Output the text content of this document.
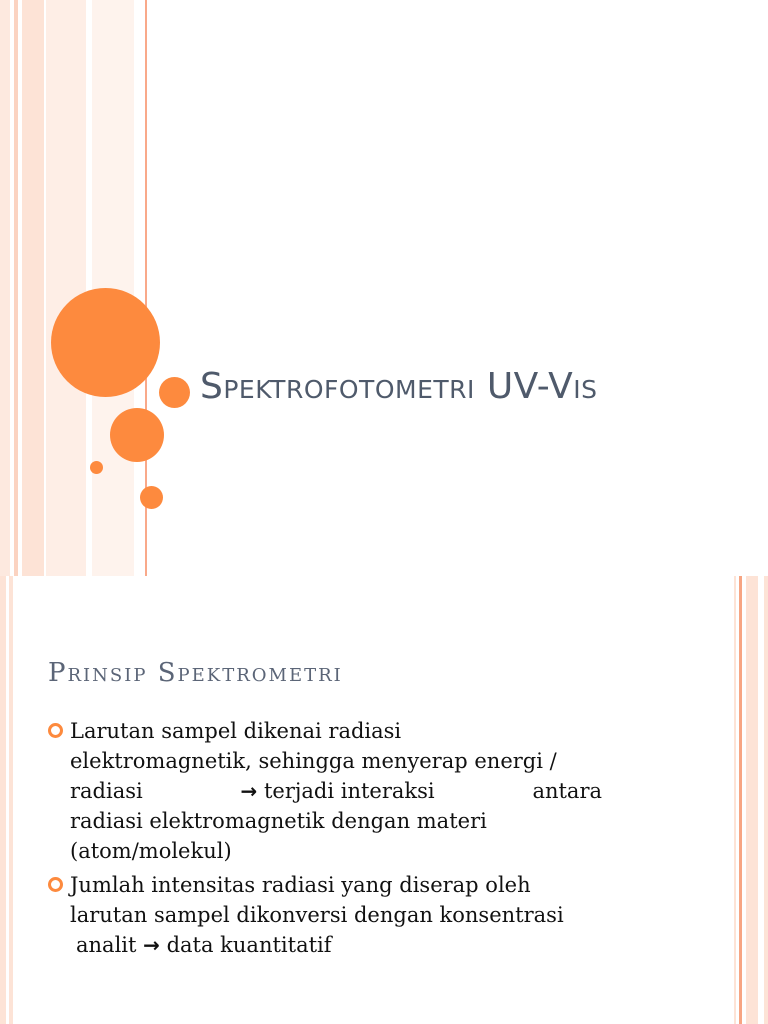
Spektrofotometri UV-Vis
Prinsip Spektrometri
Larutan sampel dikenai radiasi
elektromagnetik, sehingga menyerap energi /
radiasi	→ terjadi interaksi	antara
radiasi elektromagnetik dengan materi
(atom/molekul)
Jumlah intensitas radiasi yang diserap oleh
larutan sampel dikonversi dengan konsentrasi
analit → data kuantitatif
